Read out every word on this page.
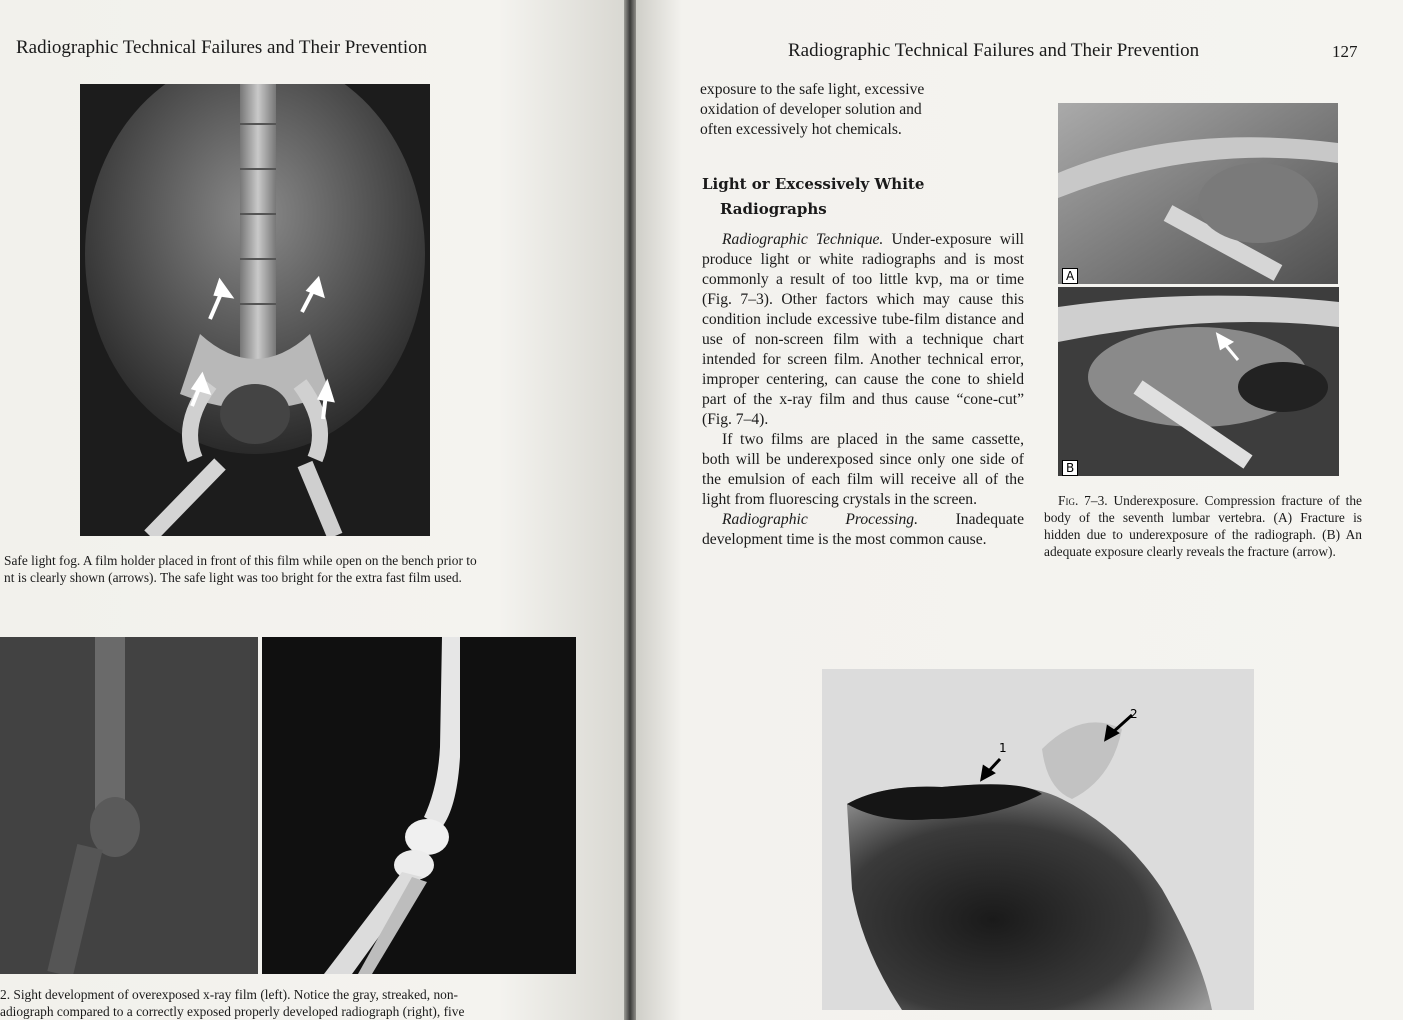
Radiographic Technical Failures and Their Prevention
Safe light fog. A film holder placed in front of this film while open on the bench prior to
nt is clearly shown (arrows). The safe light was too bright for the extra fast film used.
2. Sight development of overexposed x-ray film (left). Notice the gray, streaked, non-
adiograph compared to a correctly exposed properly developed radiograph (right), five
Radiographic Technical Failures and Their Prevention	127
exposure to the safe light, excessive
oxidation of developer solution and
often excessively hot chemicals.
Light or Excessively White
Radiographs

Radiographic Technique. Under-exposure will produce light or white radiographs and is most commonly a result of too little kvp, ma or time (Fig. 7–3). Other factors which may cause this condition include excessive tube-film distance and use of non-screen film with a technique chart intended for screen film. Another technical error, improper centering, can cause the cone to shield part of the x-ray film and thus cause “cone-cut” (Fig. 7–4).

If two films are placed in the same cassette, both will be underexposed since only one side of the emulsion of each film will receive all of the light from fluorescing crystals in the screen.

Radiographic Processing. Inadequate development time is the most common cause.

A
B
Fig. 7–3. Underexposure. Compression fracture of the body of the seventh lumbar vertebra. (A) Fracture is hidden due to underexposure of the radiograph. (B) An adequate exposure clearly reveals the fracture (arrow).
1
2
